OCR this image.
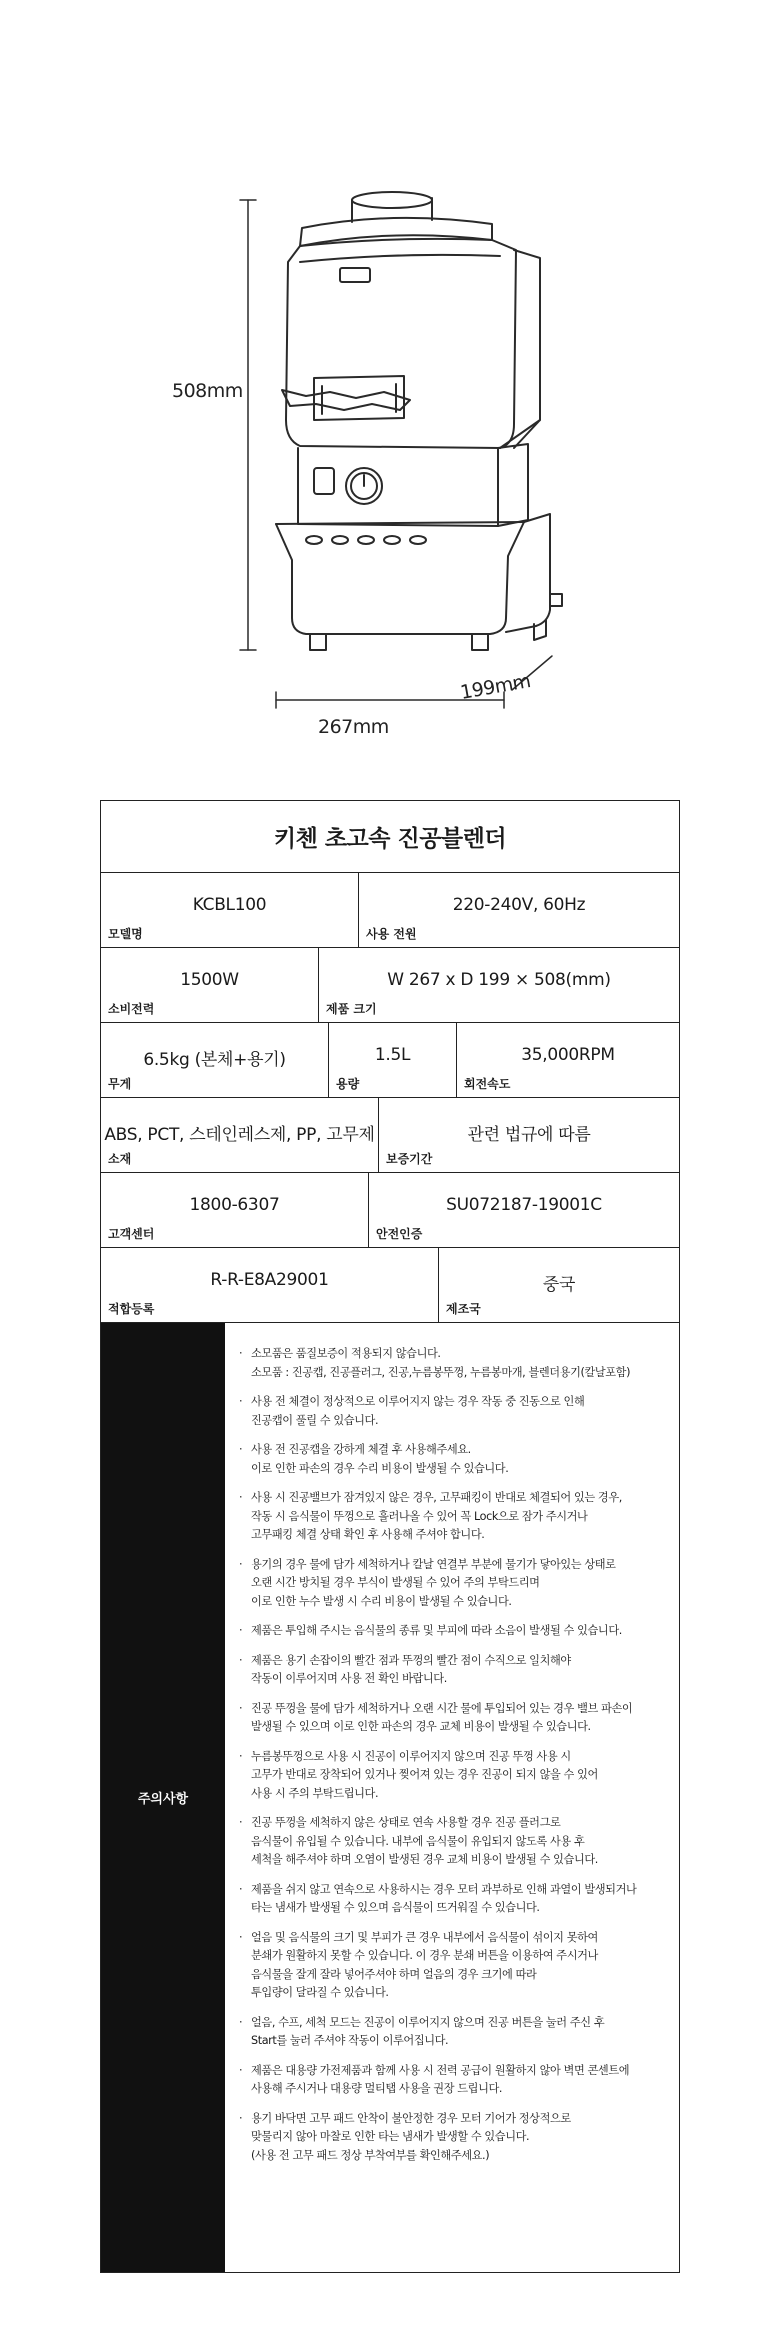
508mm
267mm
199mm
키첸 초고속 진공블렌더
KCBL100
모델명
220-240V, 60Hz
사용 전원
1500W
소비전력
W 267 x D 199 × 508(mm)
제품 크기
6.5kg (본체+용기)
무게
1.5L
용량
35,000RPM
회전속도
ABS, PCT, 스테인레스제, PP, 고무제
소재
관련 법규에 따름
보증기간
1800-6307
고객센터
SU072187-19001C
안전인증
R-R-E8A29001
적합등록
중국
제조국
주의사항
· 소모품은 품질보증이 적용되지 않습니다.
소모품 : 진공캡, 진공플러그, 진공,누름봉뚜껑, 누름봉마개, 블렌더용기(칼날포함)
· 사용 전 체결이 정상적으로 이루어지지 않는 경우 작동 중 진동으로 인해
진공캡이 풀릴 수 있습니다.
· 사용 전 진공캡을 강하게 체결 후 사용해주세요.
이로 인한 파손의 경우 수리 비용이 발생될 수 있습니다.
· 사용 시 진공밸브가 잠겨있지 않은 경우, 고무패킹이 반대로 체결되어 있는 경우,
작동 시 음식물이 뚜껑으로 흘러나올 수 있어 꼭 Lock으로 잠가 주시거나
고무패킹 체결 상태 확인 후 사용해 주셔야 합니다.
· 용기의 경우 물에 담가 세척하거나 칼날 연결부 부분에 물기가 닿아있는 상태로
오랜 시간 방치될 경우 부식이 발생될 수 있어 주의 부탁드리며
이로 인한 누수 발생 시 수리 비용이 발생될 수 있습니다.
· 제품은 투입해 주시는 음식물의 종류 및 부피에 따라 소음이 발생될 수 있습니다.
· 제품은 용기 손잡이의 빨간 점과 뚜껑의 빨간 점이 수직으로 일치해야
작동이 이루어지며 사용 전 확인 바랍니다.
· 진공 뚜껑을 물에 담가 세척하거나 오랜 시간 물에 투입되어 있는 경우 밸브 파손이
발생될 수 있으며 이로 인한 파손의 경우 교체 비용이 발생될 수 있습니다.
· 누름봉뚜껑으로 사용 시 진공이 이루어지지 않으며 진공 뚜껑 사용 시
고무가 반대로 장착되어 있거나 찢어져 있는 경우 진공이 되지 않을 수 있어
사용 시 주의 부탁드립니다.
· 진공 뚜껑을 세척하지 않은 상태로 연속 사용할 경우 진공 플러그로
음식물이 유입될 수 있습니다. 내부에 음식물이 유입되지 않도록 사용 후
세척을 해주셔야 하며 오염이 발생된 경우 교체 비용이 발생될 수 있습니다.
· 제품을 쉬지 않고 연속으로 사용하시는 경우 모터 과부하로 인해 과열이 발생되거나
타는 냄새가 발생될 수 있으며 음식물이 뜨거워질 수 있습니다.
· 얼음 및 음식물의 크기 및 부피가 큰 경우 내부에서 음식물이 섞이지 못하여
분쇄가 원활하지 못할 수 있습니다. 이 경우 분쇄 버튼을 이용하여 주시거나
음식물을 잘게 잘라 넣어주셔야 하며 얼음의 경우 크기에 따라
투입량이 달라질 수 있습니다.
· 얼음, 수프, 세척 모드는 진공이 이루어지지 않으며 진공 버튼을 눌러 주신 후
Start를 눌러 주셔야 작동이 이루어집니다.
· 제품은 대용량 가전제품과 함께 사용 시 전력 공급이 원활하지 않아 벽면 콘센트에
사용해 주시거나 대용량 멀티탭 사용을 권장 드립니다.
· 용기 바닥면 고무 패드 안착이 불안정한 경우 모터 기어가 정상적으로
맞물리지 않아 마찰로 인한 타는 냄새가 발생할 수 있습니다.
(사용 전 고무 패드 정상 부착여부를 확인해주세요.)
